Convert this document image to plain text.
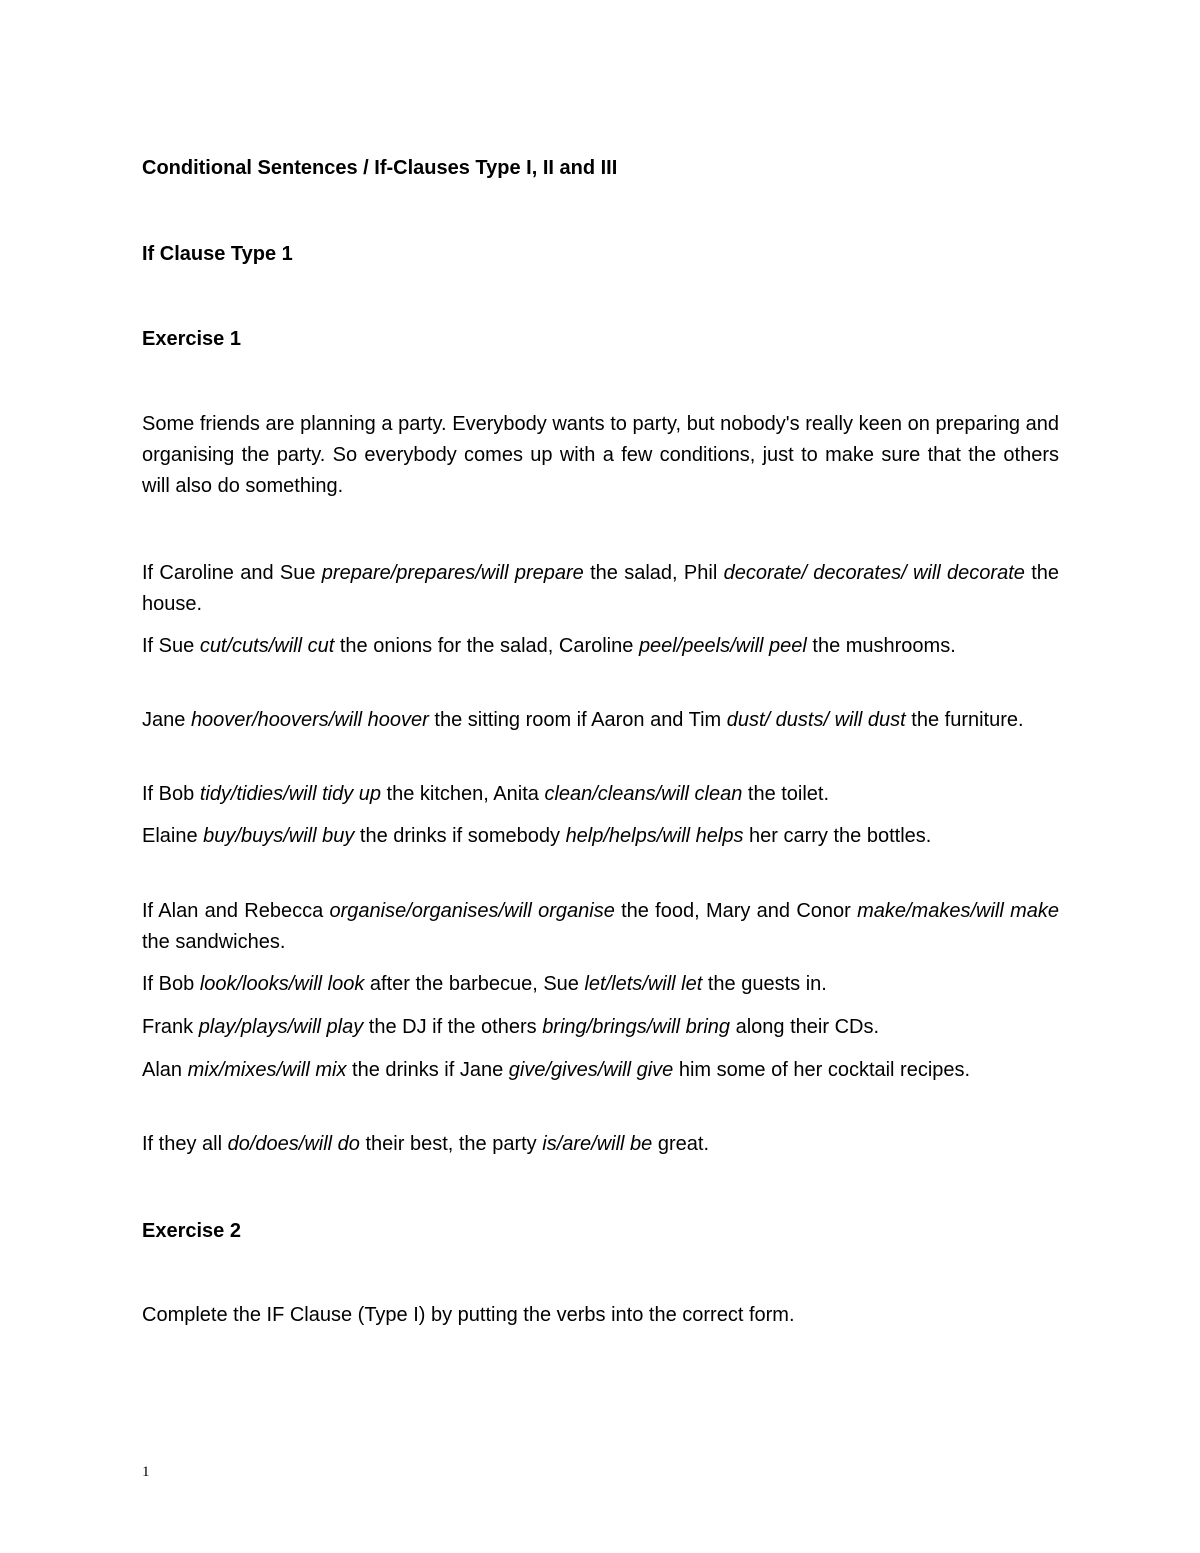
Conditional Sentences / If-Clauses Type I, II and III
If Clause Type 1
Exercise 1

Some friends are planning a party. Everybody wants to party, but nobody's really keen on preparing and organising the party. So everybody comes up with a few conditions, just to make sure that the others will also do something.

If Caroline and Sue prepare/prepares/will prepare the salad, Phil decorate/ decorates/ will decorate the house.

If Sue cut/cuts/will cut the onions for the salad, Caroline peel/peels/will peel the mushrooms.

Jane hoover/hoovers/will hoover the sitting room if Aaron and Tim dust/ dusts/ will dust the furniture.

If Bob tidy/tidies/will tidy up the kitchen, Anita clean/cleans/will clean the toilet.

Elaine buy/buys/will buy the drinks if somebody help/helps/will helps her carry the bottles.

If Alan and Rebecca organise/organises/will organise the food, Mary and Conor make/makes/will make the sandwiches.

If Bob look/looks/will look after the barbecue, Sue let/lets/will let the guests in.

Frank play/plays/will play the DJ if the others bring/brings/will bring along their CDs.

Alan mix/mixes/will mix the drinks if Jane give/gives/will give him some of her cocktail recipes.

If they all do/does/will do their best, the party is/are/will be great.

Exercise 2

Complete the IF Clause (Type I) by putting the verbs into the correct form.

1
